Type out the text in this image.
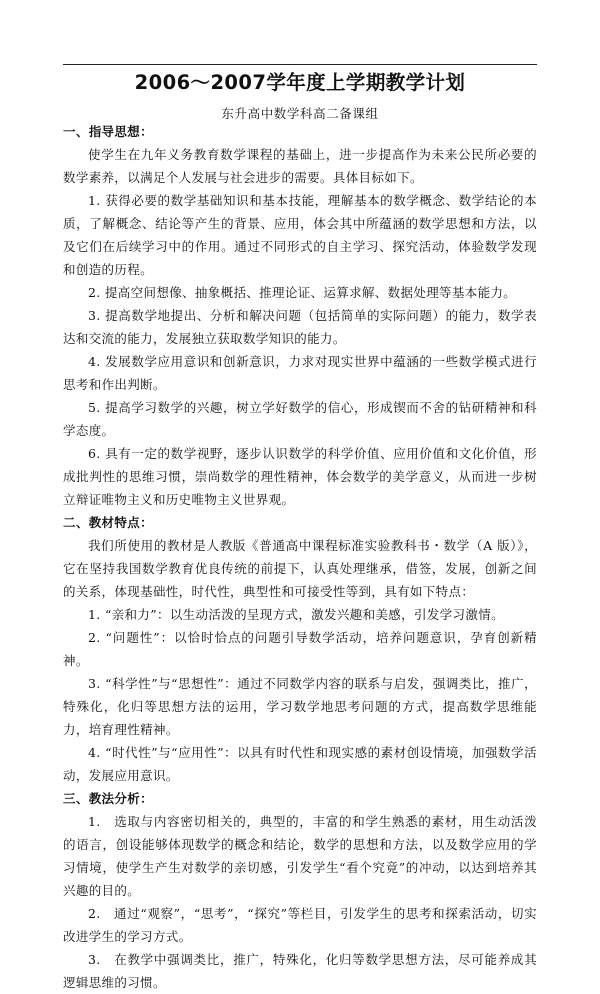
2006～2007学年度上学期教学计划
东升高中数学科高二备课组

一、指导思想：

使学生在九年义务教育数学课程的基础上，进一步提高作为未来公民所必要的数学素养，以满足个人发展与社会进步的需要。具体目标如下。

1. 获得必要的数学基础知识和基本技能，理解基本的数学概念、数学结论的本质，了解概念、结论等产生的背景、应用，体会其中所蕴涵的数学思想和方法，以及它们在后续学习中的作用。通过不同形式的自主学习、探究活动，体验数学发现和创造的历程。

2. 提高空间想像、抽象概括、推理论证、运算求解、数据处理等基本能力。

3. 提高数学地提出、分析和解决问题（包括简单的实际问题）的能力，数学表达和交流的能力，发展独立获取数学知识的能力。

4. 发展数学应用意识和创新意识，力求对现实世界中蕴涵的一些数学模式进行思考和作出判断。

5. 提高学习数学的兴趣，树立学好数学的信心，形成锲而不舍的钻研精神和科学态度。

6. 具有一定的数学视野，逐步认识数学的科学价值、应用价值和文化价值，形成批判性的思维习惯，崇尚数学的理性精神，体会数学的美学意义，从而进一步树立辩证唯物主义和历史唯物主义世界观。

二、教材特点：

我们所使用的教材是人教版《普通高中课程标准实验教科书・数学（A 版）》，它在坚持我国数学教育优良传统的前提下，认真处理继承，借签，发展，创新之间的关系，体现基础性，时代性，典型性和可接受性等到，具有如下特点：

1. “亲和力”：以生动活泼的呈现方式，激发兴趣和美感，引发学习激情。

2. “问题性”：以恰时恰点的问题引导数学活动，培养问题意识，孕育创新精神。

3. “科学性”与“思想性”：通过不同数学内容的联系与启发，强调类比，推广，特殊化，化归等思想方法的运用，学习数学地思考问题的方式，提高数学思维能力，培育理性精神。

4. “时代性”与“应用性”：以具有时代性和现实感的素材创设情境，加强数学活动，发展应用意识。

三、教法分析：

1.　选取与内容密切相关的，典型的，丰富的和学生熟悉的素材，用生动活泼的语言，创设能够体现数学的概念和结论，数学的思想和方法，以及数学应用的学习情境，使学生产生对数学的亲切感，引发学生“看个究竟”的冲动，以达到培养其兴趣的目的。

2.　通过“观察”，“思考”，“探究”等栏目，引发学生的思考和探索活动，切实改进学生的学习方式。

3.　在教学中强调类比，推广，特殊化，化归等数学思想方法，尽可能养成其逻辑思维的习惯。
